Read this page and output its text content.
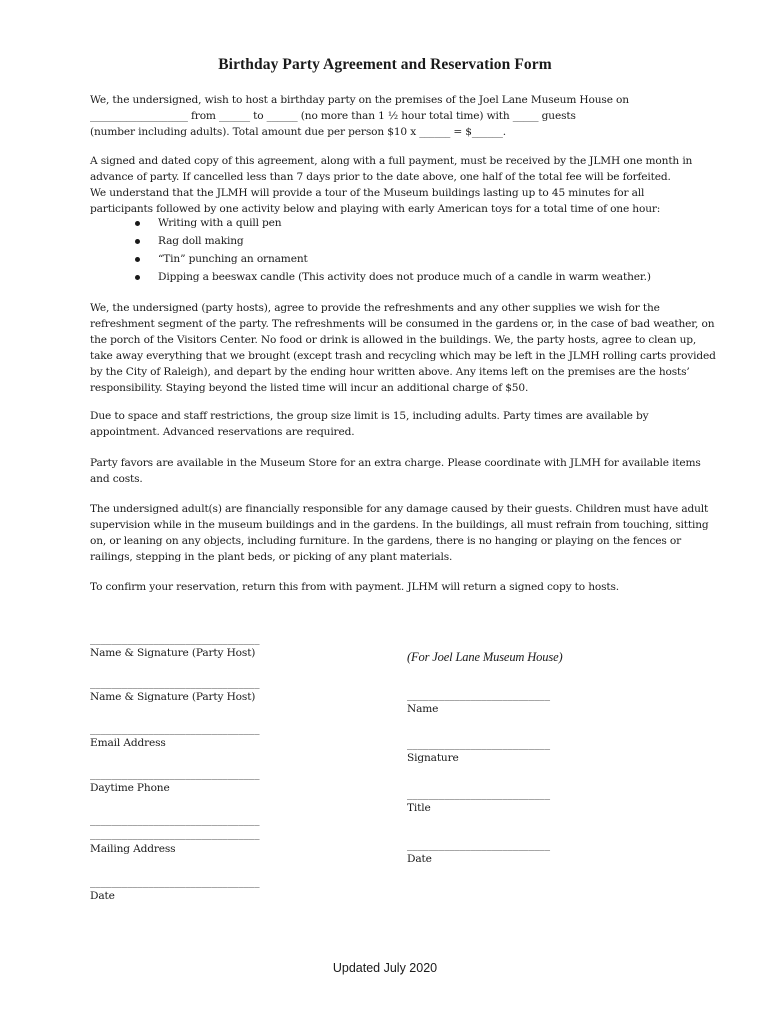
Birthday Party Agreement and Reservation Form
We, the undersigned, wish to host a birthday party on the premises of the Joel Lane Museum House on
___________________ from ______ to ______ (no more than 1 ½ hour total time) with _____ guests
(number including adults). Total amount due per person $10 x ______ = $______.
A signed and dated copy of this agreement, along with a full payment, must be received by the JLMH one month in
advance of party. If cancelled less than 7 days prior to the date above, one half of the total fee will be forfeited.
We understand that the JLMH will provide a tour of the Museum buildings lasting up to 45 minutes for all
participants followed by one activity below and playing with early American toys for a total time of one hour:
Writing with a quill pen
Rag doll making
“Tin” punching an ornament
Dipping a beeswax candle (This activity does not produce much of a candle in warm weather.)
We, the undersigned (party hosts), agree to provide the refreshments and any other supplies we wish for the
refreshment segment of the party. The refreshments will be consumed in the gardens or, in the case of bad weather, on
the porch of the Visitors Center. No food or drink is allowed in the buildings. We, the party hosts, agree to clean up,
take away everything that we brought (except trash and recycling which may be left in the JLMH rolling carts provided
by the City of Raleigh), and depart by the ending hour written above. Any items left on the premises are the hosts’
responsibility. Staying beyond the listed time will incur an additional charge of $50.
Due to space and staff restrictions, the group size limit is 15, including adults. Party times are available by
appointment. Advanced reservations are required.
Party favors are available in the Museum Store for an extra charge. Please coordinate with JLMH for available items
and costs.
The undersigned adult(s) are financially responsible for any damage caused by their guests. Children must have adult
supervision while in the museum buildings and in the gardens. In the buildings, all must refrain from touching, sitting
on, or leaning on any objects, including furniture. In the gardens, there is no hanging or playing on the fences or
railings, stepping in the plant beds, or picking of any plant materials.
To confirm your reservation, return this from with payment. JLHM will return a signed copy to hosts.
________________________________
Name & Signature (Party Host)
________________________________
Name & Signature (Party Host)
________________________________
Email Address
________________________________
Daytime Phone
________________________________
________________________________
Mailing Address
________________________________
Date
(For Joel Lane Museum House)
___________________________
Name
___________________________
Signature
___________________________
Title
___________________________
Date
Updated July 2020
